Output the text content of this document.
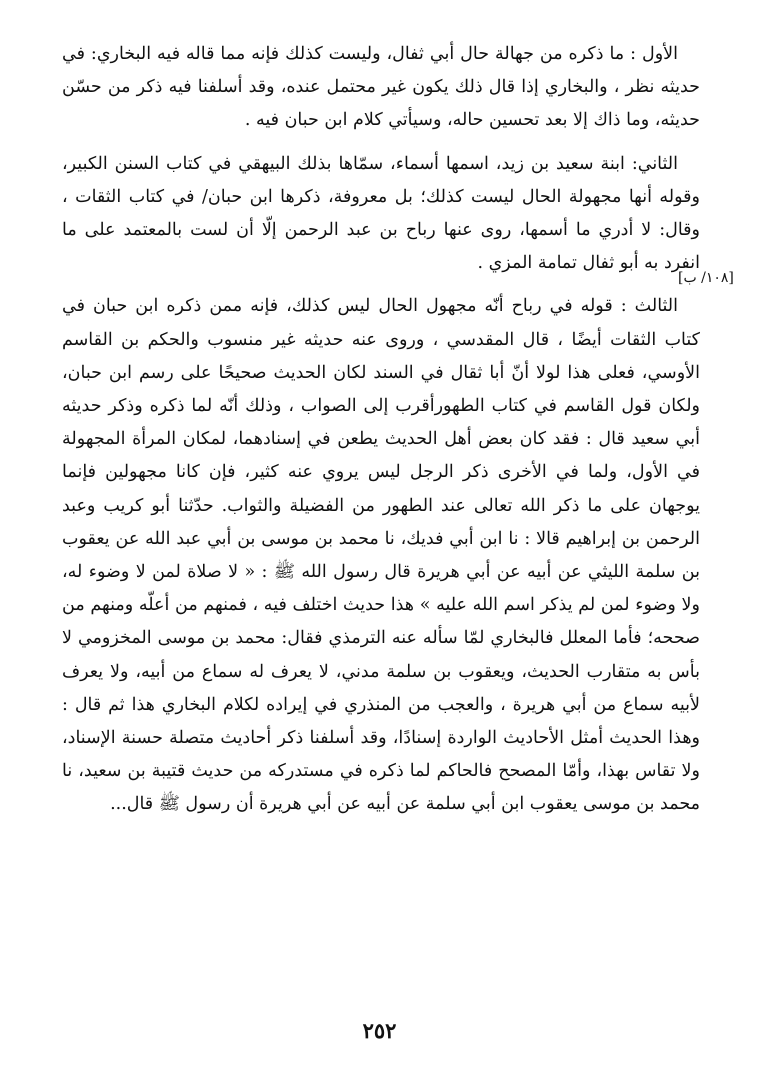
الأول : ما ذكره من جهالة حال أبي ثفال، وليست كذلك فإنه مما قاله فيه البخاري: في حديثه نظر ، والبخاري إذا قال ذلك يكون غير محتمل عنده، وقد أسلفنا فيه ذكر من حسّن حديثه، وما ذاك إلا بعد تحسين حاله، وسيأتي كلام ابن حبان فيه .

الثاني: ابنة سعيد بن زيد، اسمها أسماء، سمّاها بذلك البيهقي في كتاب السنن الكبير، وقوله أنها مجهولة الحال ليست كذلك؛ بل معروفة، ذكرها ابن حبان/ في كتاب الثقات ، وقال: لا أدري ما أسمها، روى عنها رباح بن عبد الرحمن إلّا أن لست بالمعتمد على ما انفرد به أبو ثفال تمامة المزي .

الثالث : قوله في رباح أنّه مجهول الحال ليس كذلك، فإنه ممن ذكره ابن حبان في كتاب الثقات أيضًا ، قال المقدسي ، وروى عنه حديثه غير منسوب والحكم بن القاسم الأوسي، فعلى هذا لولا أنّ أبا ثقال في السند لكان الحديث صحيحًا على رسم ابن حبان، ولكان قول القاسم في كتاب الطهورأقرب إلى الصواب ، وذلك أنّه لما ذكره وذكر حديثه أبي سعيد قال : فقد كان بعض أهل الحديث يطعن في إسنادهما، لمكان المرأة المجهولة في الأول، ولما في الأخرى ذكر الرجل ليس يروي عنه كثير، فإن كانا مجهولين فإنما يوجهان على ما ذكر الله تعالى عند الطهور من الفضيلة والثواب. حدّثنا أبو كريب وعبد الرحمن بن إبراهيم قالا : نا ابن أبي فديك، نا محمد بن موسى بن أبي عبد الله عن يعقوب بن سلمة الليثي عن أبيه عن أبي هريرة قال رسول الله ﷺ : « لا صلاة لمن لا وضوء له، ولا وضوء لمن لم يذكر اسم الله عليه » هذا حديث اختلف فيه ، فمنهم من أعلّه ومنهم من صححه؛ فأما المعلل فالبخاري لمّا سأله عنه الترمذي فقال: محمد بن موسى المخزومي لا بأس به متقارب الحديث، ويعقوب بن سلمة مدني، لا يعرف له سماع من أبيه، ولا يعرف لأبيه سماع من أبي هريرة ، والعجب من المنذري في إيراده لكلام البخاري هذا ثم قال : وهذا الحديث أمثل الأحاديث الواردة إسنادًا، وقد أسلفنا ذكر أحاديث متصلة حسنة الإسناد، ولا تقاس بهذا، وأمّا المصحح فالحاكم لما ذكره في مستدركه من حديث قتيبة بن سعيد، نا محمد بن موسى يعقوب ابن أبي سلمة عن أبيه عن أبي هريرة أن رسول ﷺ قال...

[١٠٨/ ب]
٢٥٢
